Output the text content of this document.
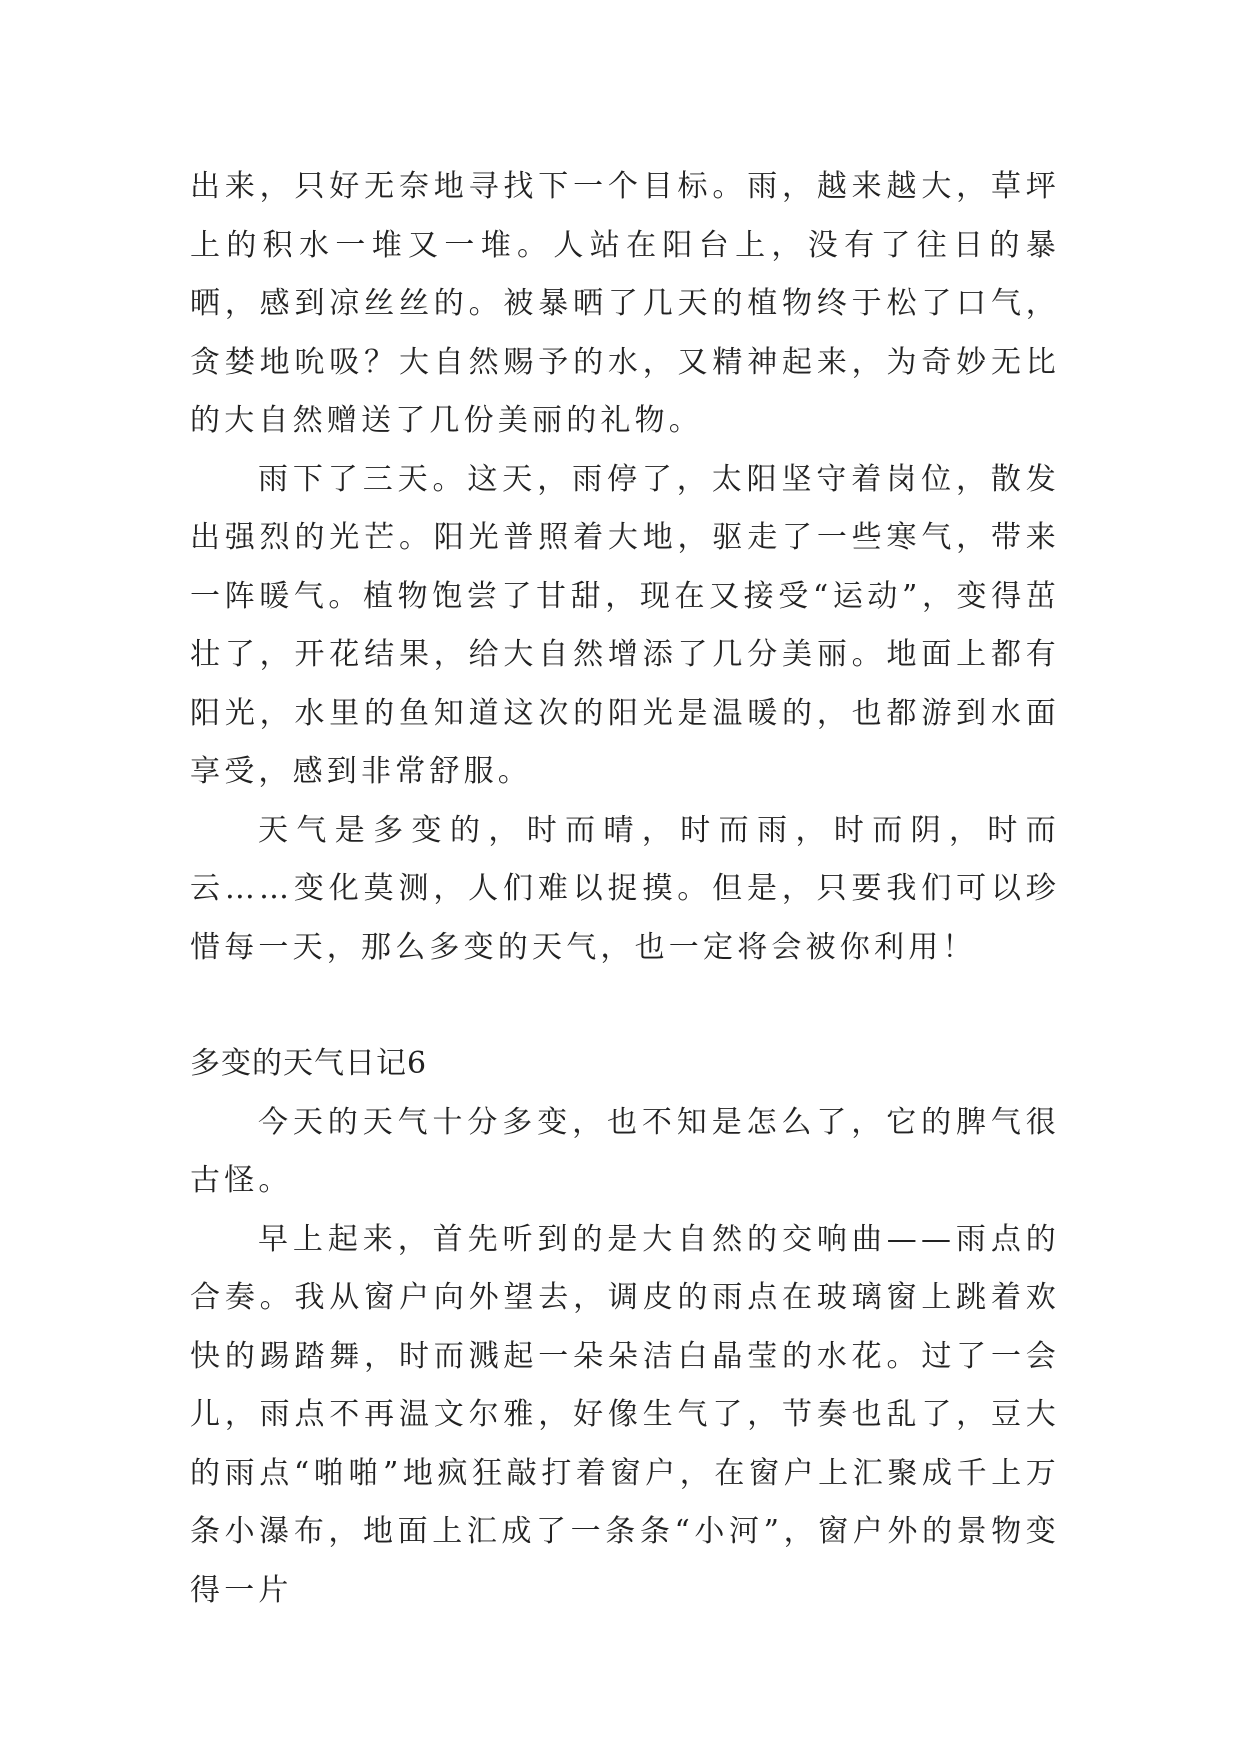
出来，只好无奈地寻找下一个目标。雨，越来越大，草坪上的积水一堆又一堆。人站在阳台上，没有了往日的暴晒，感到凉丝丝的。被暴晒了几天的植物终于松了口气，贪婪地吮吸？大自然赐予的水，又精神起来，为奇妙无比的大自然赠送了几份美丽的礼物。

雨下了三天。这天，雨停了，太阳坚守着岗位，散发出强烈的光芒。阳光普照着大地，驱走了一些寒气，带来一阵暖气。植物饱尝了甘甜，现在又接受“运动”，变得茁壮了，开花结果，给大自然增添了几分美丽。地面上都有阳光，水里的鱼知道这次的阳光是温暖的，也都游到水面享受，感到非常舒服。

天气是多变的，时而晴，时而雨，时而阴，时而云……变化莫测，人们难以捉摸。但是，只要我们可以珍惜每一天，那么多变的天气，也一定将会被你利用！

多变的天气日记6

今天的天气十分多变，也不知是怎么了，它的脾气很古怪。

早上起来，首先听到的是大自然的交响曲——雨点的合奏。我从窗户向外望去，调皮的雨点在玻璃窗上跳着欢快的踢踏舞，时而溅起一朵朵洁白晶莹的水花。过了一会儿，雨点不再温文尔雅，好像生气了，节奏也乱了，豆大的雨点“啪啪”地疯狂敲打着窗户，在窗户上汇聚成千上万条小瀑布，地面上汇成了一条条“小河”，窗户外的景物变得一片
